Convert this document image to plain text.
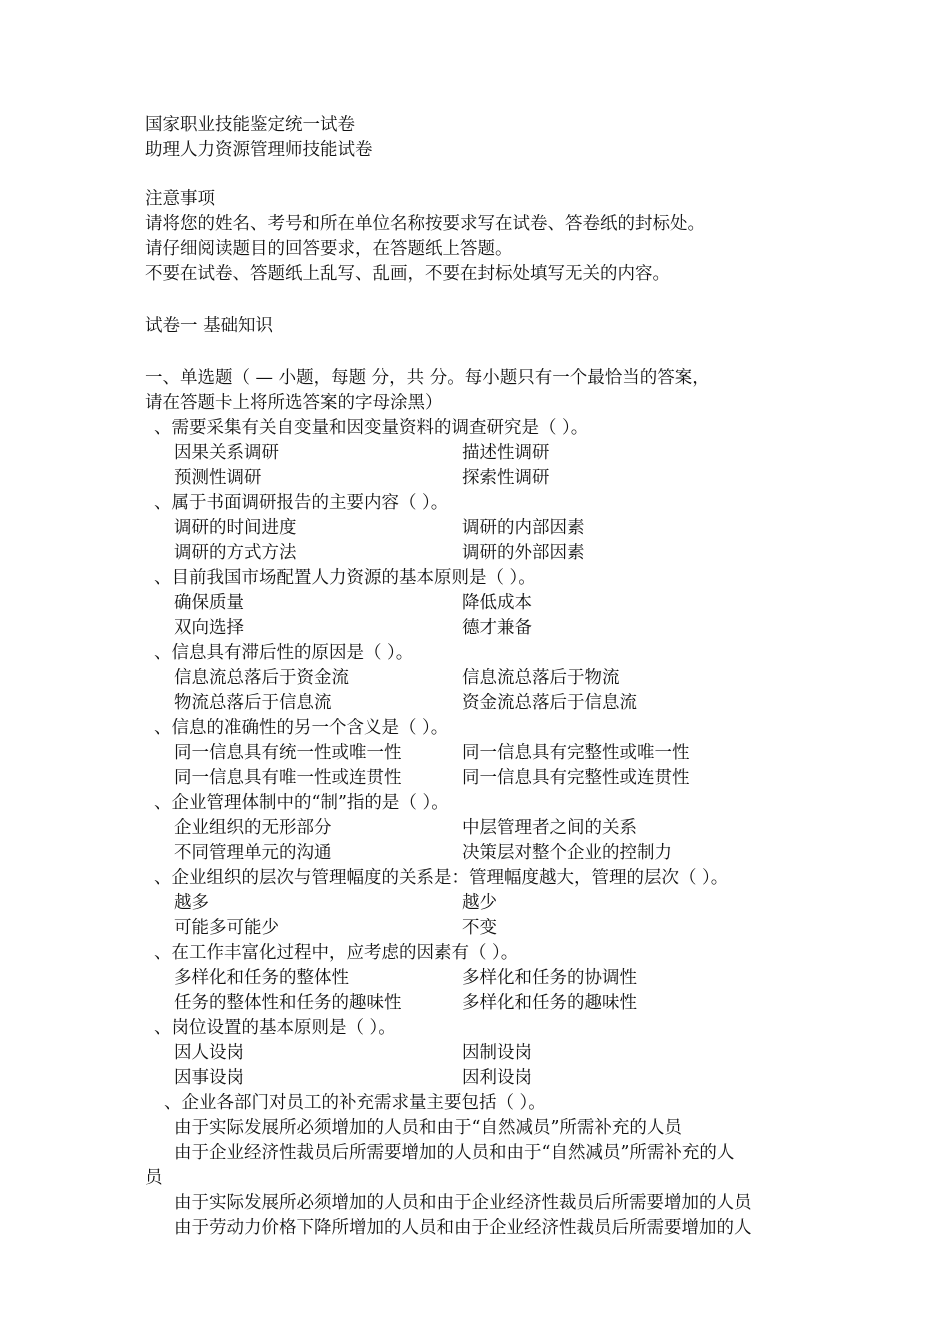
国家职业技能鉴定统一试卷
助理人力资源管理师技能试卷
注意事项
请将您的姓名、考号和所在单位名称按要求写在试卷、答卷纸的封标处。
请仔细阅读题目的回答要求，在答题纸上答题。
不要在试卷、答题纸上乱写、乱画，不要在封标处填写无关的内容。
试卷一 基础知识
一、单选题（ — 小题，每题 分，共 分。每小题只有一个最恰当的答案，
请在答题卡上将所选答案的字母涂黑）
、需要采集有关自变量和因变量资料的调查研究是（ ）。
因果关系调研	描述性调研
预测性调研	探索性调研
、属于书面调研报告的主要内容（ ）。
调研的时间进度	调研的内部因素
调研的方式方法	调研的外部因素
、目前我国市场配置人力资源的基本原则是（ ）。
确保质量	降低成本
双向选择	德才兼备
、信息具有滞后性的原因是（ ）。
信息流总落后于资金流	信息流总落后于物流
物流总落后于信息流	资金流总落后于信息流
、信息的准确性的另一个含义是（ ）。
同一信息具有统一性或唯一性	同一信息具有完整性或唯一性
同一信息具有唯一性或连贯性	同一信息具有完整性或连贯性
、企业管理体制中的“制”指的是（ ）。
企业组织的无形部分	中层管理者之间的关系
不同管理单元的沟通	决策层对整个企业的控制力
、企业组织的层次与管理幅度的关系是：管理幅度越大，管理的层次（ ）。
越多	越少
可能多可能少	不变
、在工作丰富化过程中，应考虑的因素有（ ）。
多样化和任务的整体性	多样化和任务的协调性
任务的整体性和任务的趣味性	多样化和任务的趣味性
、岗位设置的基本原则是（ ）。
因人设岗	因制设岗
因事设岗	因利设岗
、企业各部门对员工的补充需求量主要包括（ ）。
由于实际发展所必须增加的人员和由于“自然减员”所需补充的人员
由于企业经济性裁员后所需要增加的人员和由于“自然减员”所需补充的人
员
由于实际发展所必须增加的人员和由于企业经济性裁员后所需要增加的人员
由于劳动力价格下降所增加的人员和由于企业经济性裁员后所需要增加的人
